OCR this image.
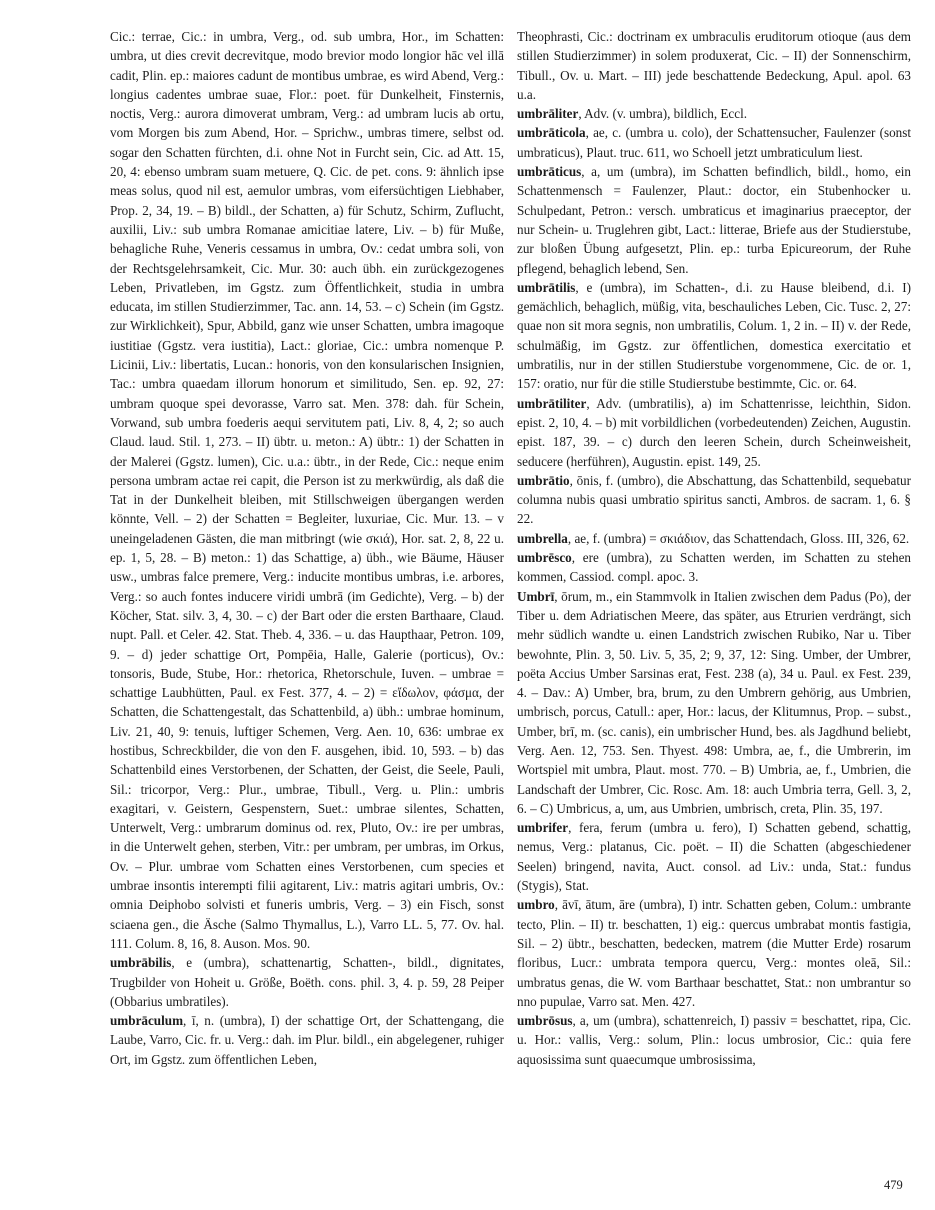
Cic.: terrae, Cic.: in umbra, Verg., od. sub umbra, Hor., im Schatten: umbra, ut dies crevit decrevitque, modo brevior modo longior hāc vel illā cadit, Plin. ep.: maiores cadunt de montibus umbrae, es wird Abend, Verg.: longius cadentes umbrae suae, Flor.: poet. für Dunkelheit, Finsternis, noctis, Verg.: aurora dimoverat umbram, Verg.: ad umbram lucis ab ortu, vom Morgen bis zum Abend, Hor. – Sprichw., umbras timere, selbst od. sogar den Schatten fürchten, d.i. ohne Not in Furcht sein, Cic. ad Att. 15, 20, 4: ebenso umbram suam metuere, Q. Cic. de pet. cons. 9: ähnlich ipse meas solus, quod nil est, aemulor umbras, vom eifersüchtigen Liebhaber, Prop. 2, 34, 19. – B) bildl., der Schatten, a) für Schutz, Schirm, Zuflucht, auxilii, Liv.: sub umbra Romanae amicitiae latere, Liv. – b) für Muße, behagliche Ruhe, Veneris cessamus in umbra, Ov.: cedat umbra soli, von der Rechtsgelehrsamkeit, Cic. Mur. 30: auch übh. ein zurückgezogenes Leben, Privatleben, im Ggstz. zum Öffentlichkeit, studia in umbra educata, im stillen Studierzimmer, Tac. ann. 14, 53. – c) Schein (im Ggstz. zur Wirklichkeit), Spur, Abbild, ganz wie unser Schatten, umbra imagoque iustitiae (Ggstz. vera iustitia), Lact.: gloriae, Cic.: umbra nomenque P. Licinii, Liv.: libertatis, Lucan.: honoris, von den konsularischen Insignien, Tac.: umbra quaedam illorum honorum et similitudo, Sen. ep. 92, 27: umbram quoque spei devorasse, Varro sat. Men. 378: dah. für Schein, Vorwand, sub umbra foederis aequi servitutem pati, Liv. 8, 4, 2; so auch Claud. laud. Stil. 1, 273. – II) übtr. u. meton.: A) übtr.: 1) der Schatten in der Malerei (Ggstz. lumen), Cic. u.a.: übtr., in der Rede, Cic.: neque enim persona umbram actae rei capit, die Person ist zu merkwürdig, als daß die Tat in der Dunkelheit bleiben, mit Stillschweigen übergangen werden könnte, Vell. – 2) der Schatten = Begleiter, luxuriae, Cic. Mur. 13. – v uneingeladenen Gästen, die man mitbringt (wie σκιά), Hor. sat. 2, 8, 22 u. ep. 1, 5, 28. – B) meton.: 1) das Schattige, a) übh., wie Bäume, Häuser usw., umbras falce premere, Verg.: inducite montibus umbras, i.e. arbores, Verg.: so auch fontes inducere viridi umbrā (im Gedichte), Verg. – b) der Köcher, Stat. silv. 3, 4, 30. – c) der Bart oder die ersten Barthaare, Claud. nupt. Pall. et Celer. 42. Stat. Theb. 4, 336. – u. das Haupthaar, Petron. 109, 9. – d) jeder schattige Ort, Pompēia, Halle, Galerie (porticus), Ov.: tonsoris, Bude, Stube, Hor.: rhetorica, Rhetorschule, Iuven. – umbrae = schattige Laubhütten, Paul. ex Fest. 377, 4. – 2) = εἴδωλον, φάσμα, der Schatten, die Schattengestalt, das Schattenbild, a) übh.: umbrae hominum, Liv. 21, 40, 9: tenuis, luftiger Schemen, Verg. Aen. 10, 636: umbrae ex hostibus, Schreckbilder, die von den F. ausgehen, ibid. 10, 593. – b) das Schattenbild eines Verstorbenen, der Schatten, der Geist, die Seele, Pauli, Sil.: tricorpor, Verg.: Plur., umbrae, Tibull., Verg. u. Plin.: umbris exagitari, v. Geistern, Gespenstern, Suet.: umbrae silentes, Schatten, Unterwelt, Verg.: umbrarum dominus od. rex, Pluto, Ov.: ire per umbras, in die Unterwelt gehen, sterben, Vitr.: per umbram, per umbras, im Orkus, Ov. – Plur. umbrae vom Schatten eines Verstorbenen, cum species et umbrae insontis interempti filii agitarent, Liv.: matris agitari umbris, Ov.: omnia Deiphobo solvisti et funeris umbris, Verg. – 3) ein Fisch, sonst sciaena gen., die Äsche (Salmo Thymallus, L.), Varro LL. 5, 77. Ov. hal. 111. Colum. 8, 16, 8. Auson. Mos. 90.

umbrābilis, e (umbra), schattenartig, Schatten-, bildl., dignitates, Trugbilder von Hoheit u. Größe, Boëth. cons. phil. 3, 4. p. 59, 28 Peiper (Obbarius umbratiles).

umbrāculum, ī, n. (umbra), I) der schattige Ort, der Schattengang, die Laube, Varro, Cic. fr. u. Verg.: dah. im Plur. bildl., ein abgelegener, ruhiger Ort, im Ggstz. zum öffentlichen Leben,

Theophrasti, Cic.: doctrinam ex umbraculis eruditorum otioque (aus dem stillen Studierzimmer) in solem produxerat, Cic. – II) der Sonnenschirm, Tibull., Ov. u. Mart. – III) jede beschattende Bedeckung, Apul. apol. 63 u.a.

umbrāliter, Adv. (v. umbra), bildlich, Eccl.

umbrāticola, ae, c. (umbra u. colo), der Schattensucher, Faulenzer (sonst umbraticus), Plaut. truc. 611, wo Schoell jetzt umbraticulum liest.

umbrāticus, a, um (umbra), im Schatten befindlich, bildl., homo, ein Schattenmensch = Faulenzer, Plaut.: doctor, ein Stubenhocker u. Schulpedant, Petron.: versch. umbraticus et imaginarius praeceptor, der nur Schein- u. Truglehren gibt, Lact.: litterae, Briefe aus der Studierstube, zur bloßen Übung aufgesetzt, Plin. ep.: turba Epicureorum, der Ruhe pflegend, behaglich lebend, Sen.

umbrātilis, e (umbra), im Schatten-, d.i. zu Hause bleibend, d.i. I) gemächlich, behaglich, müßig, vita, beschauliches Leben, Cic. Tusc. 2, 27: quae non sit mora segnis, non umbratilis, Colum. 1, 2 in. – II) v. der Rede, schulmäßig, im Ggstz. zur öffentlichen, domestica exercitatio et umbratilis, nur in der stillen Studierstube vorgenommene, Cic. de or. 1, 157: oratio, nur für die stille Studierstube bestimmte, Cic. or. 64.

umbrātiliter, Adv. (umbratilis), a) im Schattenrisse, leichthin, Sidon. epist. 2, 10, 4. – b) mit vorbildlichen (vorbedeutenden) Zeichen, Augustin. epist. 187, 39. – c) durch den leeren Schein, durch Scheinweisheit, seducere (herführen), Augustin. epist. 149, 25.

umbrātio, ōnis, f. (umbro), die Abschattung, das Schattenbild, sequebatur columna nubis quasi umbratio spiritus sancti, Ambros. de sacram. 1, 6. § 22.

umbrella, ae, f. (umbra) = σκιάδιον, das Schattendach, Gloss. III, 326, 62.

umbrēsco, ere (umbra), zu Schatten werden, im Schatten zu stehen kommen, Cassiod. compl. apoc. 3.

Umbrī, ōrum, m., ein Stammvolk in Italien zwischen dem Padus (Po), der Tiber u. dem Adriatischen Meere, das später, aus Etrurien verdrängt, sich mehr südlich wandte u. einen Landstrich zwischen Rubiko, Nar u. Tiber bewohnte, Plin. 3, 50. Liv. 5, 35, 2; 9, 37, 12: Sing. Umber, der Umbrer, poëta Accius Umber Sarsinas erat, Fest. 238 (a), 34 u. Paul. ex Fest. 239, 4. – Dav.: A) Umber, bra, brum, zu den Umbrern gehörig, aus Umbrien, umbrisch, porcus, Catull.: aper, Hor.: lacus, der Klitumnus, Prop. – subst., Umber, brī, m. (sc. canis), ein umbrischer Hund, bes. als Jagdhund beliebt, Verg. Aen. 12, 753. Sen. Thyest. 498: Umbra, ae, f., die Umbrerin, im Wortspiel mit umbra, Plaut. most. 770. – B) Umbria, ae, f., Umbrien, die Landschaft der Umbrer, Cic. Rosc. Am. 18: auch Umbria terra, Gell. 3, 2, 6. – C) Umbricus, a, um, aus Umbrien, umbrisch, creta, Plin. 35, 197.

umbrifer, fera, ferum (umbra u. fero), I) Schatten gebend, schattig, nemus, Verg.: platanus, Cic. poët. – II) die Schatten (abgeschiedener Seelen) bringend, navita, Auct. consol. ad Liv.: unda, Stat.: fundus (Stygis), Stat.

umbro, āvī, ātum, āre (umbra), I) intr. Schatten geben, Colum.: umbrante tecto, Plin. – II) tr. beschatten, 1) eig.: quercus umbrabat montis fastigia, Sil. – 2) übtr., beschatten, bedecken, matrem (die Mutter Erde) rosarum floribus, Lucr.: umbrata tempora quercu, Verg.: montes oleā, Sil.: umbratus genas, die W. vom Barthaar beschattet, Stat.: non umbrantur so nno pupulae, Varro sat. Men. 427.

umbrōsus, a, um (umbra), schattenreich, I) passiv = beschattet, ripa, Cic. u. Hor.: vallis, Verg.: solum, Plin.: locus umbrosior, Cic.: quia fere aquosissima sunt quaecumque umbrosissima,

479
